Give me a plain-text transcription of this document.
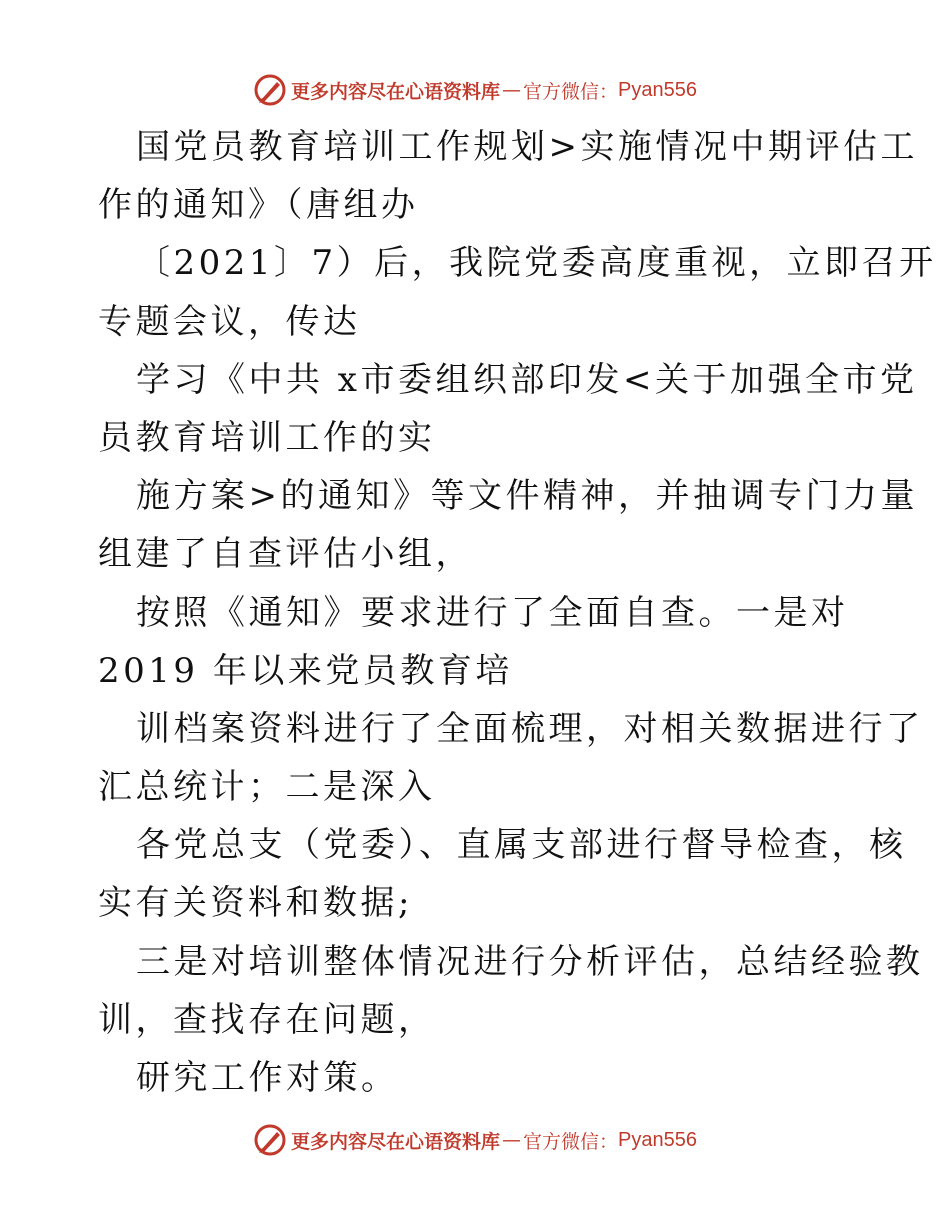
更多内容尽在心语资料库 — 官方微信： Pyan556
国党员教育培训工作规划>实施情况中期评估工
作的通知》（唐组办
〔2021〕7）后，我院党委高度重视，立即召开
专题会议，传达
学习《中共 x市委组织部印发<关于加强全市党
员教育培训工作的实
施方案>的通知》等文件精神，并抽调专门力量
组建了自查评估小组，
按照《通知》要求进行了全面自查。一是对
2019 年以来党员教育培
训档案资料进行了全面梳理，对相关数据进行了
汇总统计；二是深入
各党总支（党委）、直属支部进行督导检查，核
实有关资料和数据;
三是对培训整体情况进行分析评估，总结经验教
训，查找存在问题，
研究工作对策。
更多内容尽在心语资料库 — 官方微信： Pyan556
